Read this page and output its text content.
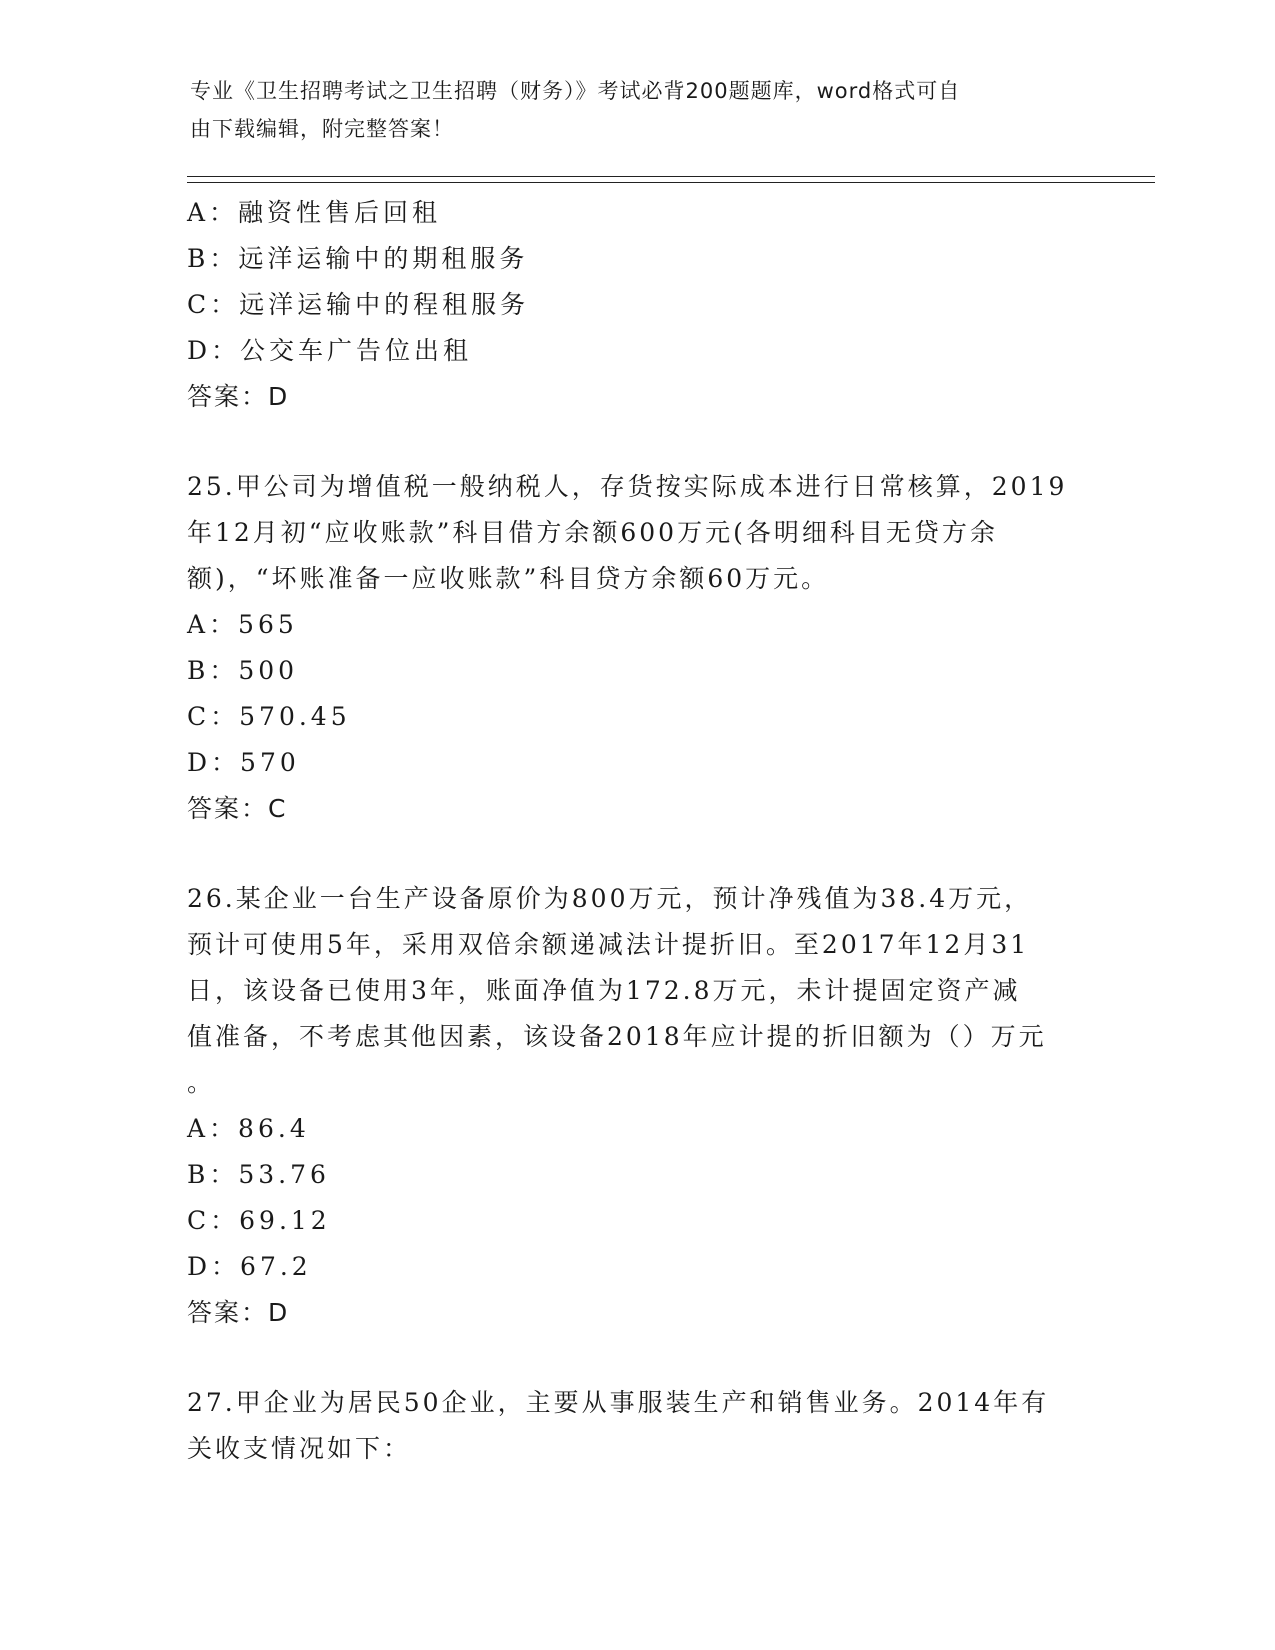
专业《卫生招聘考试之卫生招聘（财务）》考试必背200题题库，word格式可自
由下载编辑，附完整答案！
A：融资性售后回租
B：远洋运输中的期租服务
C：远洋运输中的程租服务
D：公交车广告位出租
答案：D
25.甲公司为增值税一般纳税人，存货按实际成本进行日常核算，2019
年12月初“应收账款”科目借方余额600万元(各明细科目无贷方余
额)，“坏账准备一应收账款”科目贷方余额60万元。
A：565
B：500
C：570.45
D：570
答案：C
26.某企业一台生产设备原价为800万元，预计净残值为38.4万元，
预计可使用5年，采用双倍余额递减法计提折旧。至2017年12月31
日，该设备已使用3年，账面净值为172.8万元，未计提固定资产减
值准备，不考虑其他因素，该设备2018年应计提的折旧额为（）万元
。
A：86.4
B：53.76
C：69.12
D：67.2
答案：D
27.甲企业为居民50企业，主要从事服装生产和销售业务。2014年有
关收支情况如下：
